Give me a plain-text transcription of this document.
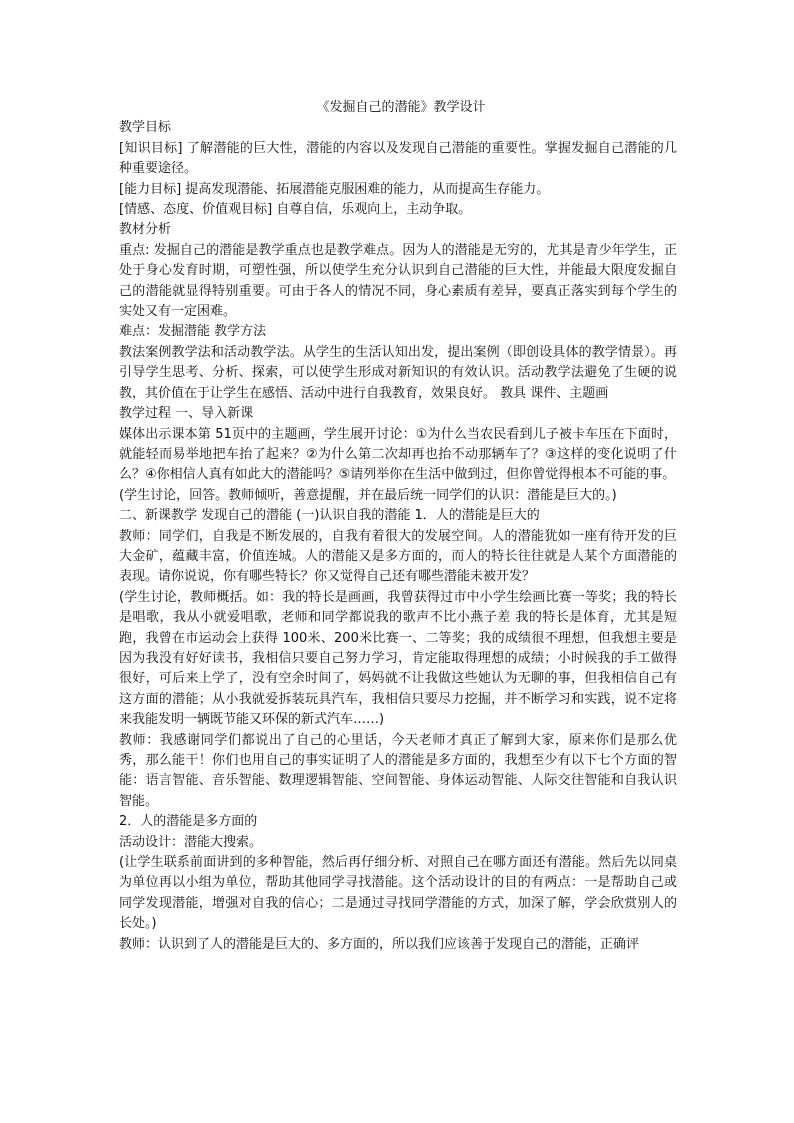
《发掘自己的潜能》教学设计

教学目标

[知识目标] 了解潜能的巨大性，潜能的内容以及发现自己潜能的重要性。掌握发掘自己潜能的几种重要途径。

[能力目标] 提高发现潜能、拓展潜能克服困难的能力，从而提高生存能力。

[情感、态度、价值观目标] 自尊自信，乐观向上，主动争取。

教材分析

重点: 发掘自己的潜能是教学重点也是教学难点。因为人的潜能是无穷的，尤其是青少年学生，正处于身心发育时期，可塑性强，所以使学生充分认识到自己潜能的巨大性，并能最大限度发掘自己的潜能就显得特别重要。可由于各人的情况不同，身心素质有差异，要真正落实到每个学生的实处又有一定困难。

难点：发掘潜能 教学方法

教法案例教学法和活动教学法。从学生的生活认知出发，提出案例（即创设具体的教学情景）。再引导学生思考、分析、探索，可以使学生形成对新知识的有效认识。活动教学法避免了生硬的说教，其价值在于让学生在感悟、活动中进行自我教育，效果良好。 教具 课件、主题画

教学过程 一、导入新课

媒体出示课本第 51页中的主题画，学生展开讨论：①为什么当农民看到儿子被卡车压在下面时，就能轻而易举地把车抬了起来？②为什么第二次却再也抬不动那辆车了？③这样的变化说明了什么？④你相信人真有如此大的潜能吗？⑤请列举你在生活中做到过，但你曾觉得根本不可能的事。

(学生讨论，回答。教师倾听，善意提醒，并在最后统一同学们的认识：潜能是巨大的。)

二、新课教学 发现自己的潜能 (一)认识自我的潜能 1．人的潜能是巨大的

教师：同学们，自我是不断发展的，自我有着很大的发展空间。人的潜能犹如一座有待开发的巨大金矿，蕴藏丰富，价值连城。人的潜能又是多方面的，而人的特长往往就是人某个方面潜能的表现。请你说说，你有哪些特长？你又觉得自己还有哪些潜能未被开发？

(学生讨论，教师概括。如：我的特长是画画，我曾获得过市中小学生绘画比赛一等奖；我的特长是唱歌，我从小就爱唱歌，老师和同学都说我的歌声不比小燕子差 我的特长是体育，尤其是短跑，我曾在市运动会上获得 100米、200米比赛一、二等奖；我的成绩很不理想，但我想主要是因为我没有好好读书，我相信只要自己努力学习，肯定能取得理想的成绩；小时候我的手工做得很好，可后来上学了，没有空余时间了，妈妈就不让我做这些她认为无聊的事，但我相信自己有这方面的潜能；从小我就爱拆装玩具汽车，我相信只要尽力挖掘，并不断学习和实践，说不定将来我能发明一辆既节能又环保的新式汽车……)

教师：我感谢同学们都说出了自己的心里话，今天老师才真正了解到大家，原来你们是那么优秀，那么能干！你们也用自己的事实证明了人的潜能是多方面的，我想至少有以下七个方面的智能：语言智能、音乐智能、数理逻辑智能、空间智能、身体运动智能、人际交往智能和自我认识智能。

2．人的潜能是多方面的

活动设计：潜能大搜索。

(让学生联系前面讲到的多种智能，然后再仔细分析、对照自己在哪方面还有潜能。然后先以同桌为单位再以小组为单位，帮助其他同学寻找潜能。这个活动设计的目的有两点：一是帮助自己或同学发现潜能，增强对自我的信心；二是通过寻找同学潜能的方式，加深了解，学会欣赏别人的长处。)

教师：认识到了人的潜能是巨大的、多方面的，所以我们应该善于发现自己的潜能，正确评
